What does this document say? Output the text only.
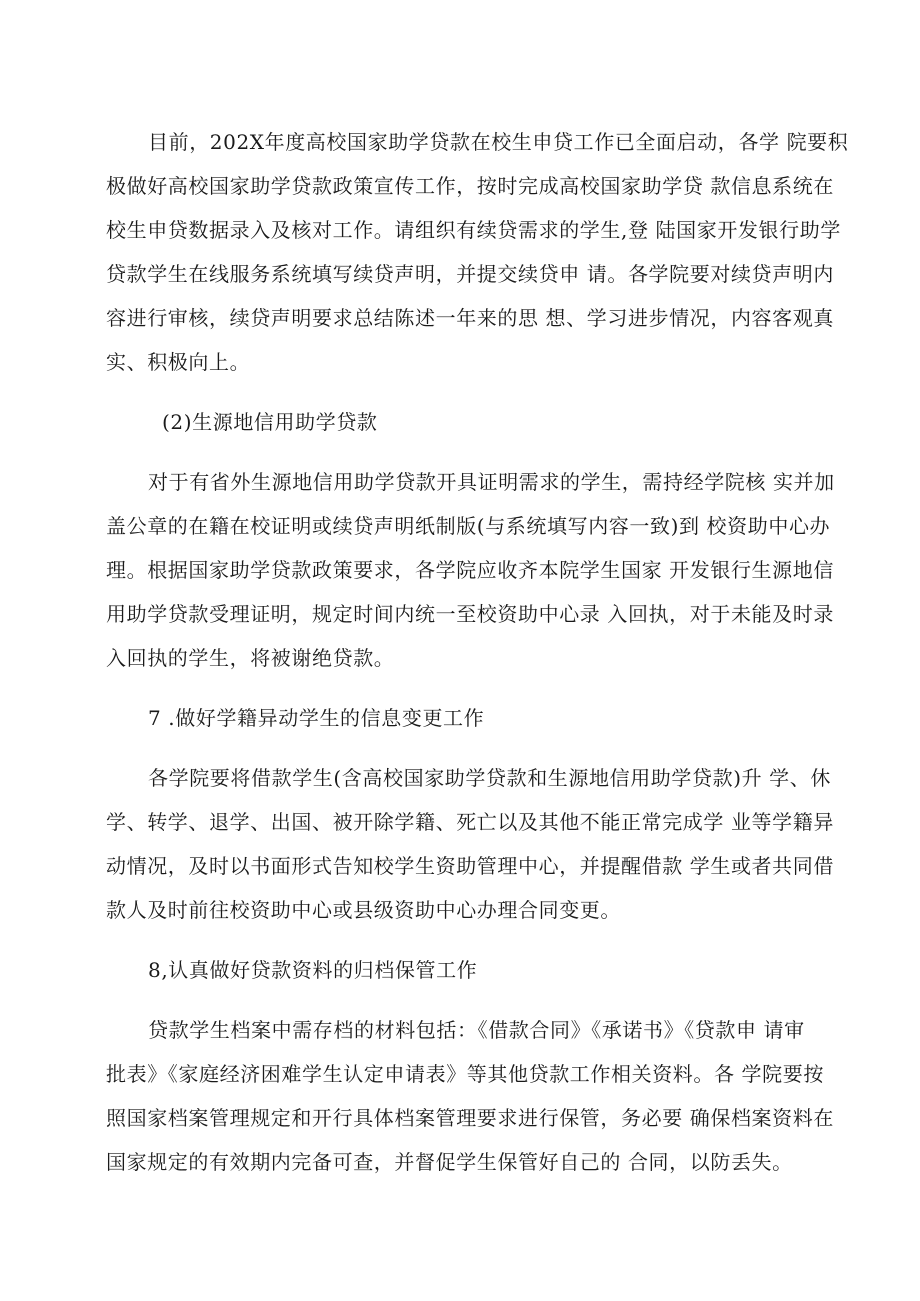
目前，202X年度高校国家助学贷款在校生申贷工作已全面启动，各学 院要积
极做好高校国家助学贷款政策宣传工作，按时完成高校国家助学贷 款信息系统在
校生申贷数据录入及核对工作。请组织有续贷需求的学生,登 陆国家开发银行助学
贷款学生在线服务系统填写续贷声明，并提交续贷申 请。各学院要对续贷声明内
容进行审核，续贷声明要求总结陈述一年来的思 想、学习进步情况，内容客观真
实、积极向上。
(2)生源地信用助学贷款
对于有省外生源地信用助学贷款开具证明需求的学生，需持经学院核 实并加
盖公章的在籍在校证明或续贷声明纸制版(与系统填写内容一致)到 校资助中心办
理。根据国家助学贷款政策要求，各学院应收齐本院学生国家 开发银行生源地信
用助学贷款受理证明，规定时间内统一至校资助中心录 入回执，对于未能及时录
入回执的学生，将被谢绝贷款。
7 .做好学籍异动学生的信息变更工作
各学院要将借款学生(含高校国家助学贷款和生源地信用助学贷款)升 学、休
学、转学、退学、出国、被开除学籍、死亡以及其他不能正常完成学 业等学籍异
动情况，及时以书面形式告知校学生资助管理中心，并提醒借款 学生或者共同借
款人及时前往校资助中心或县级资助中心办理合同变更。
8,认真做好贷款资料的归档保管工作
贷款学生档案中需存档的材料包括：《借款合同》《承诺书》《贷款申 请审
批表》《家庭经济困难学生认定申请表》等其他贷款工作相关资料。各 学院要按
照国家档案管理规定和开行具体档案管理要求进行保管，务必要 确保档案资料在
国家规定的有效期内完备可查，并督促学生保管好自己的 合同，以防丢失。
